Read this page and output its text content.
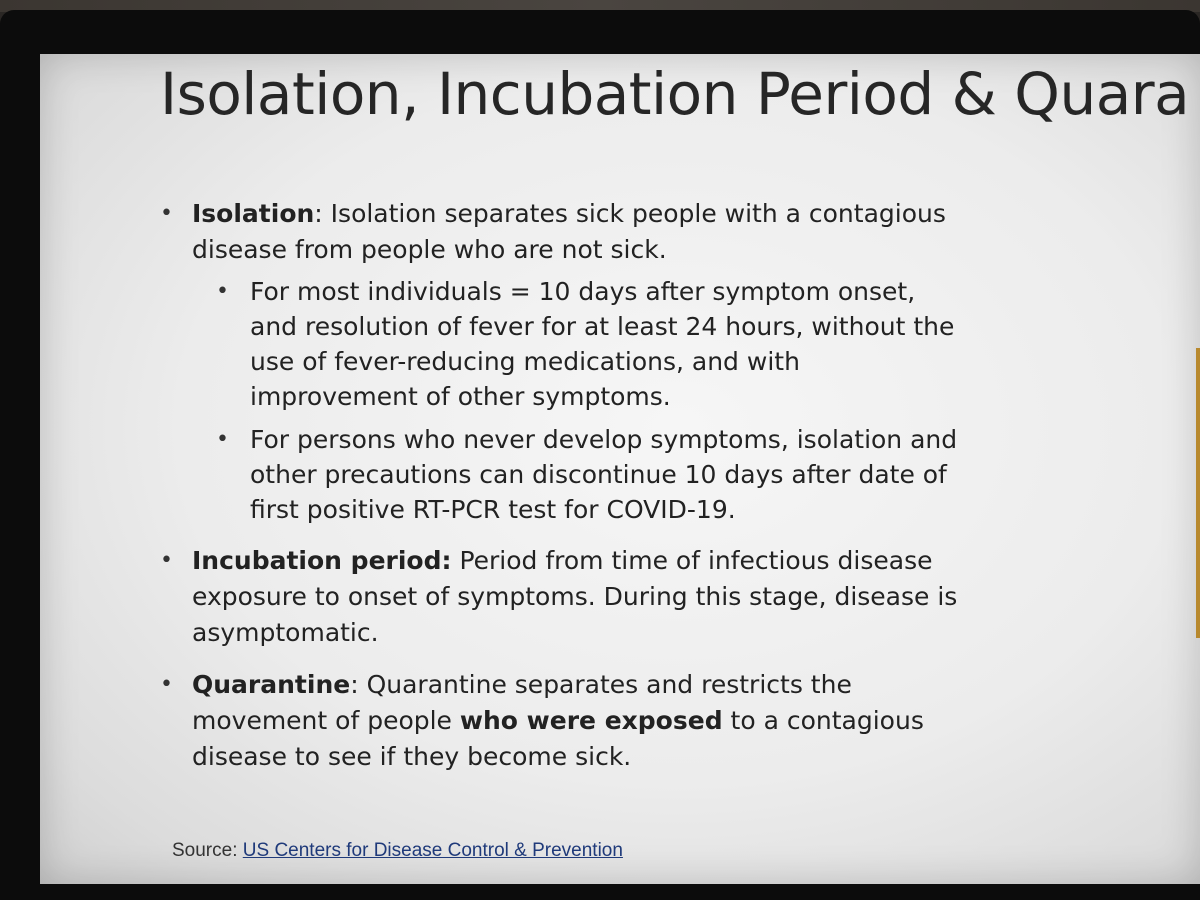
Isolation, Incubation Period & Quara
• Isolation: Isolation separates sick people with a contagious disease from people who are not sick.
• For most individuals = 10 days after symptom onset, and resolution of fever for at least 24 hours, without the use of fever-reducing medications, and with improvement of other symptoms.
• For persons who never develop symptoms, isolation and other precautions can discontinue 10 days after date of first positive RT-PCR test for COVID-19.
• Incubation period: Period from time of infectious disease exposure to onset of symptoms. During this stage, disease is asymptomatic.
• Quarantine: Quarantine separates and restricts the movement of people who were exposed to a contagious disease to see if they become sick.
Source: US Centers for Disease Control & Prevention
